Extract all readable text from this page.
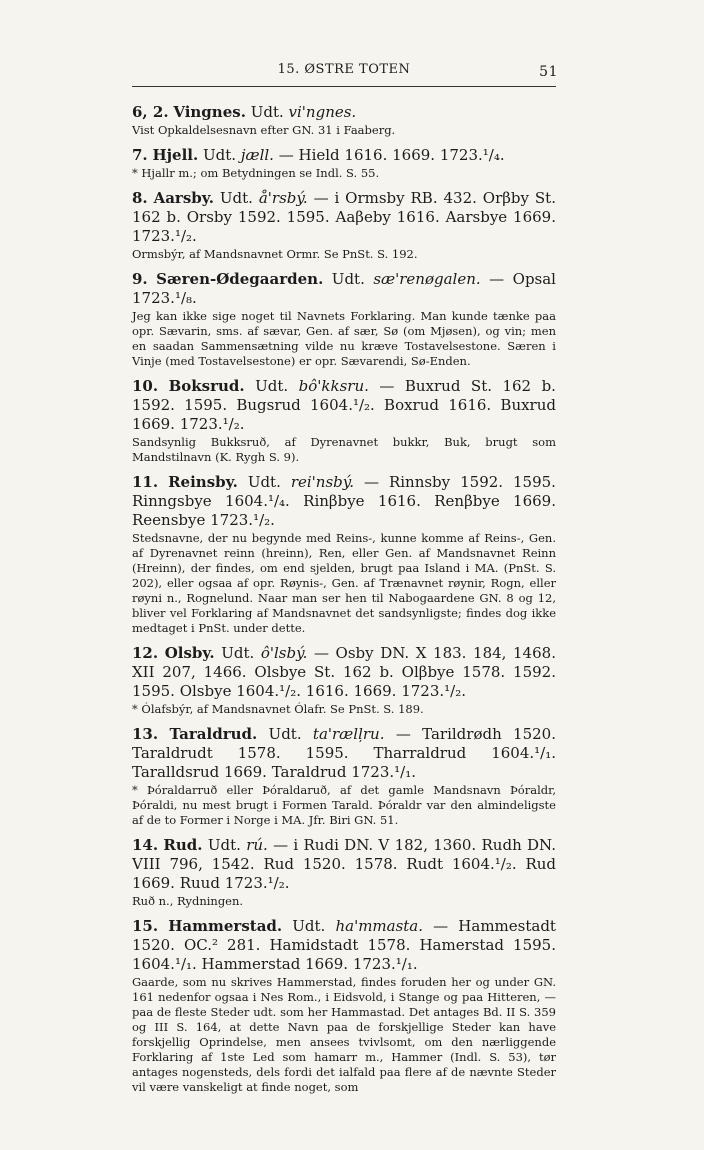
15. ØSTRE TOTEN	51
6, 2. Vingnes. Udt. vi'ngnes.
Vist Opkaldelsesnavn efter GN. 31 i Faaberg.
7. Hjell. Udt. jæll. — Hield 1616. 1669. 1723.¹/₄.
* Hjallr m.; om Betydningen se Indl. S. 55.
8. Aarsby. Udt. å'rsbý. — i Ormsby RB. 432. Orβby St. 162 b. Orsby 1592. 1595. Aaβeby 1616. Aarsbye 1669. 1723.¹/₂.
Ormsbýr, af Mandsnavnet Ormr. Se PnSt. S. 192.
9. Særen-Ødegaarden. Udt. sæ'renøgalen. — Opsal 1723.¹/₈.
Jeg kan ikke sige noget til Navnets Forklaring. Man kunde tænke paa opr. Sævarin, sms. af sævar, Gen. af sær, Sø (om Mjøsen), og vin; men en saadan Sammensætning vilde nu kræve Tostavelsestone. Særen i Vinje (med Tostavelsestone) er opr. Sævarendi, Sø-Enden.
10. Boksrud. Udt. bô'kksru. — Buxrud St. 162 b. 1592. 1595. Bugsrud 1604.¹/₂. Boxrud 1616. Buxrud 1669. 1723.¹/₂.
Sandsynlig Bukksruð, af Dyrenavnet bukkr, Buk, brugt som Mandstilnavn (K. Rygh S. 9).
11. Reinsby. Udt. rei'nsbý. — Rinnsby 1592. 1595. Rinngsbye 1604.¹/₄. Rinβbye 1616. Renβbye 1669. Reensbye 1723.¹/₂.
Stedsnavne, der nu begynde med Reins-, kunne komme af Reins-, Gen. af Dyrenavnet reinn (hreinn), Ren, eller Gen. af Mandsnavnet Reinn (Hreinn), der findes, om end sjelden, brugt paa Island i MA. (PnSt. S. 202), eller ogsaa af opr. Røynis-, Gen. af Trænavnet røynir, Rogn, eller røyni n., Rognelund. Naar man ser hen til Nabogaardene GN. 8 og 12, bliver vel Forklaring af Mandsnavnet det sandsynligste; findes dog ikke medtaget i PnSt. under dette.
12. Olsby. Udt. ô'lsbý. — Osby DN. X 183. 184, 1468. XII 207, 1466. Olsbye St. 162 b. Olβbye 1578. 1592. 1595. Olsbye 1604.¹/₂. 1616. 1669. 1723.¹/₂.
* Ólafsbýr, af Mandsnavnet Ólafr. Se PnSt. S. 189.
13. Taraldrud. Udt. ta'rælļru. — Tarildrødh 1520. Taraldrudt 1578. 1595. Tharraldrud 1604.¹/₁. Taralldsrud 1669. Taraldrud 1723.¹/₁.
* Þóraldarruð eller Þóraldaruð, af det gamle Mandsnavn Þóraldr, Þóraldi, nu mest brugt i Formen Tarald. Þóraldr var den almindeligste af de to Former i Norge i MA. Jfr. Biri GN. 51.
14. Rud. Udt. rú. — i Rudi DN. V 182, 1360. Rudh DN. VIII 796, 1542. Rud 1520. 1578. Rudt 1604.¹/₂. Rud 1669. Ruud 1723.¹/₂.
Ruð n., Rydningen.
15. Hammerstad. Udt. ha'mmasta. — Hammestadt 1520. OC.² 281. Hamidstadt 1578. Hamerstad 1595. 1604.¹/₁. Hammerstad 1669. 1723.¹/₁.
Gaarde, som nu skrives Hammerstad, findes foruden her og under GN. 161 nedenfor ogsaa i Nes Rom., i Eidsvold, i Stange og paa Hitteren, — paa de fleste Steder udt. som her Hammastad. Det antages Bd. II S. 359 og III S. 164, at dette Navn paa de forskjellige Steder kan have forskjellig Oprindelse, men ansees tvivlsomt, om den nærliggende Forklaring af 1ste Led som hamarr m., Hammer (Indl. S. 53), tør antages nogensteds, dels fordi det ialfald paa flere af de nævnte Steder vil være vanskeligt at finde noget, som
